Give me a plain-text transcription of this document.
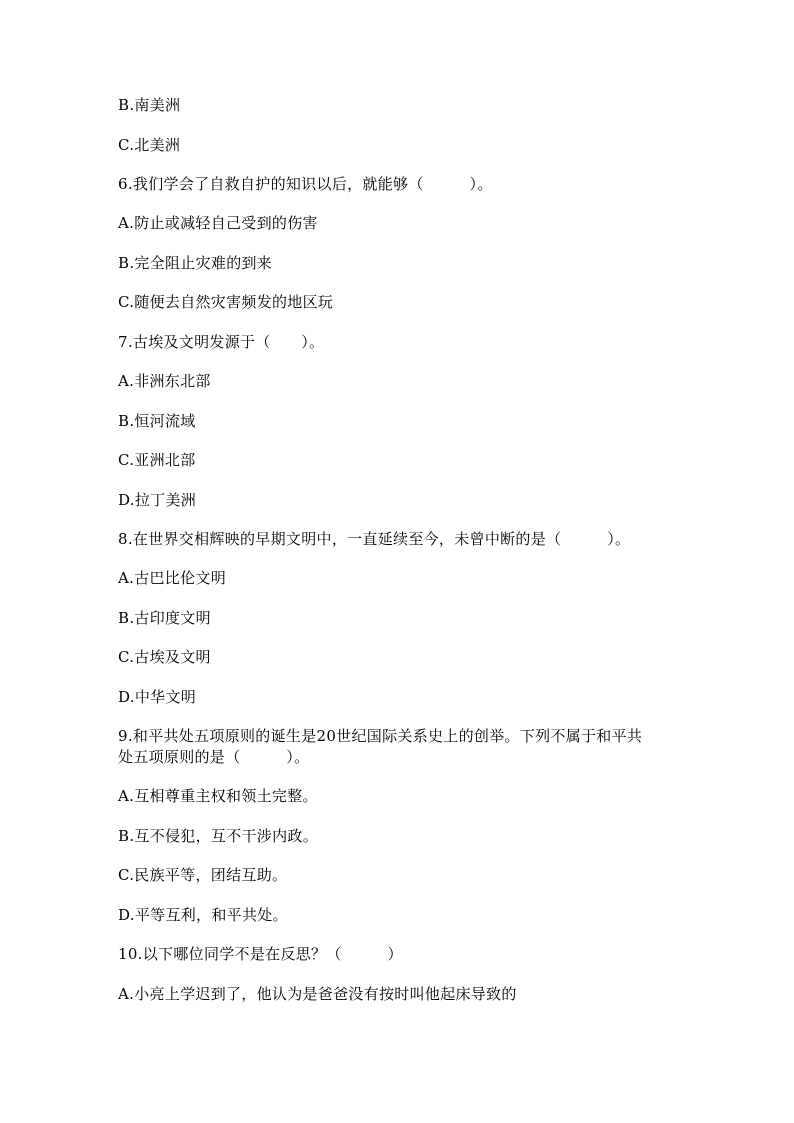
B.南美洲
C.北美洲
6.我们学会了自救自护的知识以后，就能够（　　　）。
A.防止或减轻自己受到的伤害
B.完全阻止灾难的到来
C.随便去自然灾害频发的地区玩
7.古埃及文明发源于（　　）。
A.非洲东北部
B.恒河流域
C.亚洲北部
D.拉丁美洲
8.在世界交相辉映的早期文明中，一直延续至今，未曾中断的是（　　　）。
A.古巴比伦文明
B.古印度文明
C.古埃及文明
D.中华文明
9.和平共处五项原则的诞生是20世纪国际关系史上的创举。下列不属于和平共
处五项原则的是（　　　）。
A.互相尊重主权和领土完整。
B.互不侵犯，互不干涉内政。
C.民族平等，团结互助。
D.平等互利，和平共处。
10.以下哪位同学不是在反思？（　　　）
A.小亮上学迟到了，他认为是爸爸没有按时叫他起床导致的
